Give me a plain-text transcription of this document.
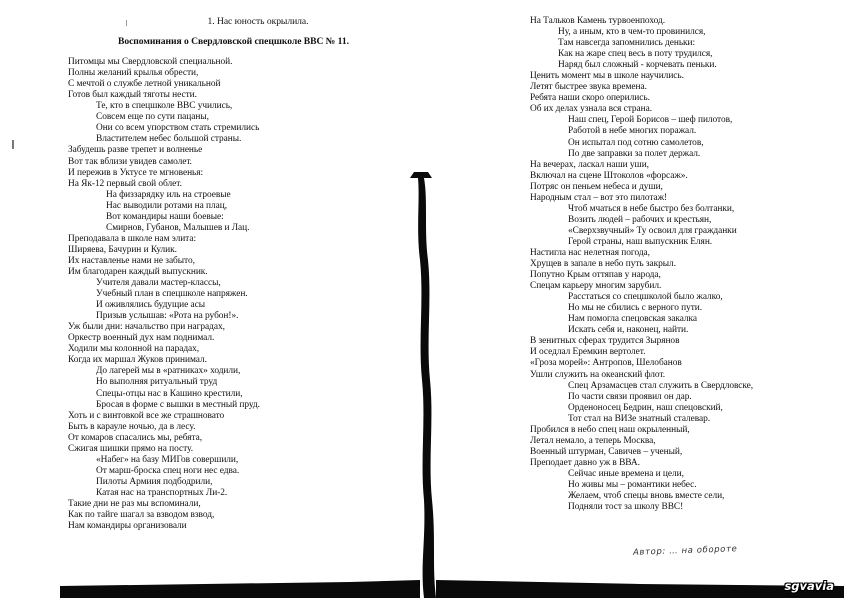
1. Нас юность окрылила.
Воспоминания о Свердловской спецшколе ВВС № 11.
Питомцы мы Свердловской специальной.
Полны желаний крылья обрести,
С мечтой о службе летной уникальной
Готов был каждый тяготы нести.
Те, кто в спецшколе ВВС учились,
Совсем еще по сути пацаны,
Они со всем упорством стать стремились
Властителем небес большой страны.
Забудешь разве трепет и волненье
Вот так вблизи увидев самолет.
И пережив в Уктусе те мгновенья:
На Як-12 первый свой облет.
На физзарядку иль на строевые
Нас выводили ротами на плац,
Вот командиры наши боевые:
Смирнов, Губанов, Малышев и Лац.
Преподавала в школе нам элита:
Ширяева, Бачурин и Кулик.
Их наставленье нами не забыто,
Им благодарен каждый выпускник.
Учителя давали мастер-классы,
Учебный план в спецшколе напряжен.
И оживлялись будущие асы
Призыв услышав: «Рота на рубон!».
Уж были дни: начальство при наградах,
Оркестр военный дух нам поднимал.
Ходили мы колонной на парадах,
Когда их маршал Жуков принимал.
До лагерей мы в «ратниках» ходили,
Но выполняя ритуальный труд
Спецы-отцы нас в Кашино крестили,
Бросая в форме с вышки в местный пруд.
Хоть и с винтовкой все же страшновато
Быть в карауле ночью, да в лесу.
От комаров спасались мы, ребята,
Сжигая шишки прямо на посту.
«Набег» на базу МИГов совершили,
От марш-броска спец ноги нес едва.
Пилоты Армиия подбодрили,
Катая нас на транспортных Ли-2.
Такие дни не раз мы вспоминали,
Как по тайге шагал за взводом взвод,
Нам командиры организовали
На Тальков Камень турвоенпоход.
Ну, а иным, кто в чем-то провинился,
Там навсегда запомнились деньки:
Как на жаре спец весь в поту трудился,
Наряд был сложный - корчевать пеньки.
Ценить момент мы в школе научились.
Летят быстрее звука времена.
Ребята наши скоро оперились.
Об их делах узнала вся страна.
Наш спец, Герой Борисов – шеф пилотов,
Работой в небе многих поражал.
Он испытал под сотню самолетов,
По две заправки за полет держал.
На вечерах, ласкал наши уши,
Включал на сцене Штоколов «форсаж».
Потряс он пеньем небеса и души,
Народным стал – вот это пилотаж!
Чтоб мчаться в небе быстро без болтанки,
Возить людей – рабочих и крестьян,
«Сверхзвучный» Ту освоил для гражданки
Герой страны, наш выпускник Елян.
Настигла нас нелетная погода,
Хрущев в запале в небо путь закрыл.
Попутно Крым оттяпав у народа,
Спецам карьеру многим зарубил.
Расстаться со спецшколой было жалко,
Но мы не сбились с верного пути.
Нам помогла спецовская закалка
Искать себя и, наконец, найти.
В зенитных сферах трудится Зырянов
И оседлал Еремкин вертолет.
«Гроза морей»: Антропов, Шелобанов
Ушли служить на океанский флот.
Спец Арзамасцев стал служить в Свердловске,
По части связи проявил он дар.
Орденоносец Бедрин, наш спецовский,
Тот стал на ВИЗе знатный сталевар.
Пробился в небо спец наш окрыленный,
Летал немало, а теперь Москва,
Военный штурман, Савичев – ученый,
Преподает давно уж в ВВА.
Сейчас иные времена и цели,
Но живы мы – романтики небес.
Желаем, чтоб спецы вновь вместе сели,
Подняли тост за школу ВВС!
Автор: … на обороте
sgvavia
